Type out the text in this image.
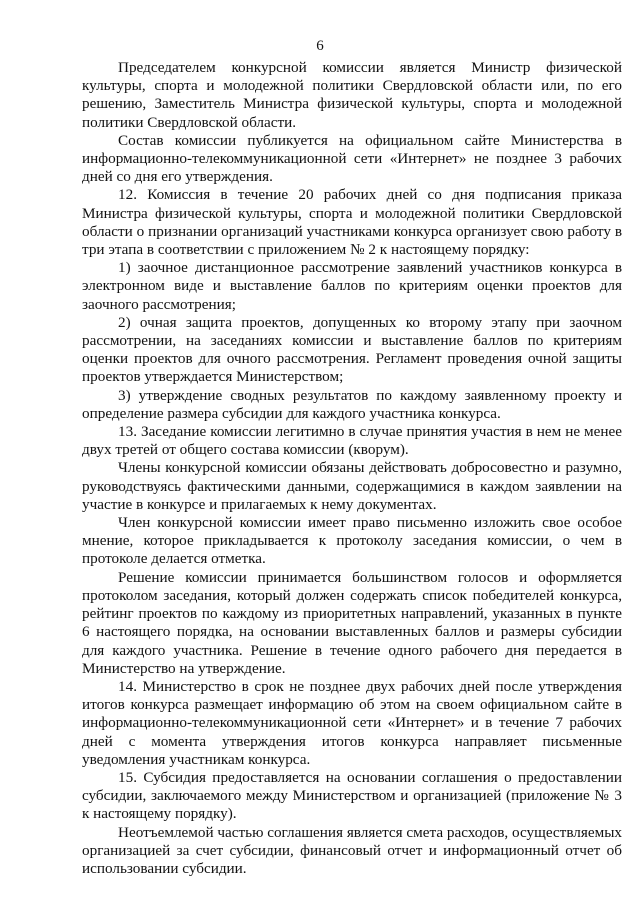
6

Председателем конкурсной комиссии является Министр физической культуры, спорта и молодежной политики Свердловской области или, по его решению, Заместитель Министра физической культуры, спорта и молодежной политики Свердловской области.

Состав комиссии публикуется на официальном сайте Министерства в информационно-телекоммуникационной сети «Интернет» не позднее 3 рабочих дней со дня его утверждения.

12. Комиссия в течение 20 рабочих дней со дня подписания приказа Министра физической культуры, спорта и молодежной политики Свердловской области о признании организаций участниками конкурса организует свою работу в три этапа в соответствии с приложением № 2 к настоящему порядку:

1) заочное дистанционное рассмотрение заявлений участников конкурса в электронном виде и выставление баллов по критериям оценки проектов для заочного рассмотрения;

2) очная защита проектов, допущенных ко второму этапу при заочном рассмотрении, на заседаниях комиссии и выставление баллов по критериям оценки проектов для очного рассмотрения. Регламент проведения очной защиты проектов утверждается Министерством;

3) утверждение сводных результатов по каждому заявленному проекту и определение размера субсидии для каждого участника конкурса.

13. Заседание комиссии легитимно в случае принятия участия в нем не менее двух третей от общего состава комиссии (кворум).

Члены конкурсной комиссии обязаны действовать добросовестно и разумно, руководствуясь фактическими данными, содержащимися в каждом заявлении на участие в конкурсе и прилагаемых к нему документах.

Член конкурсной комиссии имеет право письменно изложить свое особое мнение, которое прикладывается к протоколу заседания комиссии, о чем в протоколе делается отметка.

Решение комиссии принимается большинством голосов и оформляется протоколом заседания, который должен содержать список победителей конкурса, рейтинг проектов по каждому из приоритетных направлений, указанных в пункте 6 настоящего порядка, на основании выставленных баллов и размеры субсидии для каждого участника. Решение в течение одного рабочего дня передается в Министерство на утверждение.

14. Министерство в срок не позднее двух рабочих дней после утверждения итогов конкурса размещает информацию об этом на своем официальном сайте в информационно-телекоммуникационной сети «Интернет» и в течение 7 рабочих дней с момента утверждения итогов конкурса направляет письменные уведомления участникам конкурса.

15. Субсидия предоставляется на основании соглашения о предоставлении субсидии, заключаемого между Министерством и организацией (приложение № 3 к настоящему порядку).

Неотъемлемой частью соглашения является смета расходов, осуществляемых организацией за счет субсидии, финансовый отчет и информационный отчет об использовании субсидии.
